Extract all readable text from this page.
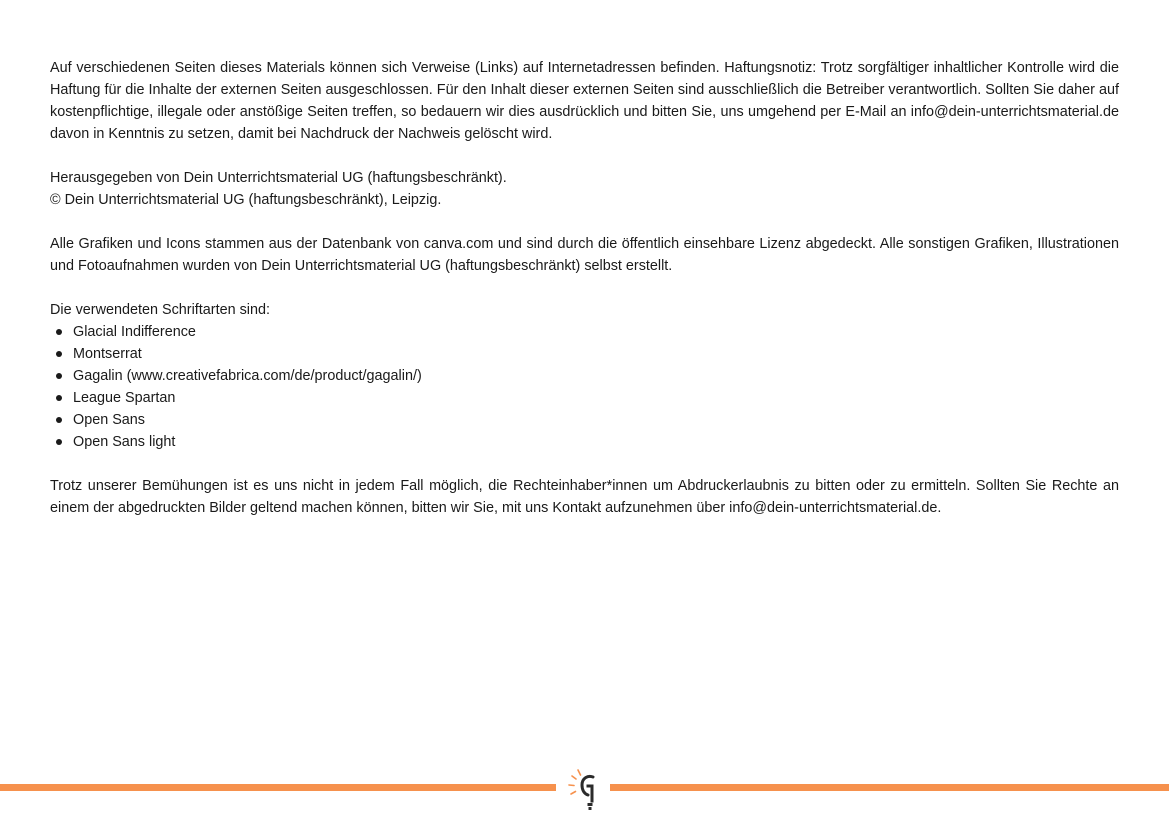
Auf verschiedenen Seiten dieses Materials können sich Verweise (Links) auf Internetadressen befinden. Haftungsnotiz: Trotz sorgfältiger inhaltlicher Kontrolle wird die Haftung für die Inhalte der externen Seiten ausgeschlossen. Für den Inhalt dieser externen Seiten sind ausschließlich die Betreiber verantwortlich. Sollten Sie daher auf kostenpflichtige, illegale oder anstößige Seiten treffen, so bedauern wir dies ausdrücklich und bitten Sie, uns umgehend per E-Mail an info@dein-unterrichtsmaterial.de davon in Kenntnis zu setzen, damit bei Nachdruck der Nachweis gelöscht wird.

Herausgegeben von Dein Unterrichtsmaterial UG (haftungsbeschränkt).
© Dein Unterrichtsmaterial UG (haftungsbeschränkt), Leipzig.

Alle Grafiken und Icons stammen aus der Datenbank von canva.com und sind durch die öffentlich einsehbare Lizenz abgedeckt. Alle sonstigen Grafiken, Illustrationen und Fotoaufnahmen wurden von Dein Unterrichtsmaterial UG (haftungsbeschränkt) selbst erstellt.

Die verwendeten Schriftarten sind:
Glacial Indifference
Montserrat
Gagalin (www.creativefabrica.com/de/product/gagalin/)
League Spartan
Open Sans
Open Sans light

Trotz unserer Bemühungen ist es uns nicht in jedem Fall möglich, die Rechteinhaber*innen um Abdruckerlaubnis zu bitten oder zu ermitteln. Sollten Sie Rechte an einem der abgedruckten Bilder geltend machen können, bitten wir Sie, mit uns Kontakt aufzunehmen über info@dein-unterrichtsmaterial.de.
